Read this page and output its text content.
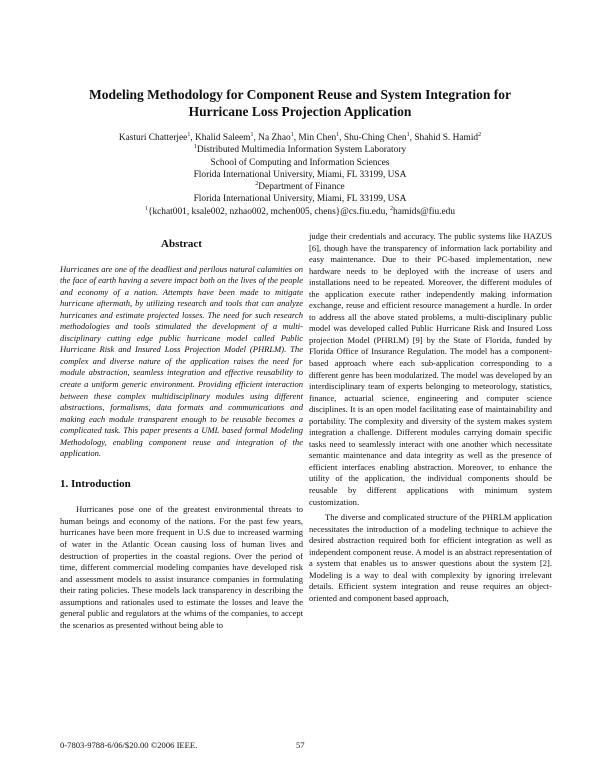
Modeling Methodology for Component Reuse and System Integration for
Hurricane Loss Projection Application
Kasturi Chatterjee$^1$, Khalid Saleem$^1$, Na Zhao$^1$, Min Chen$^1$, Shu-Ching Chen$^1$, Shahid S. Hamid$^2$
$^1$Distributed Multimedia Information System Laboratory
School of Computing and Information Sciences
Florida International University, Miami, FL 33199, USA
$^2$Department of Finance
Florida International University, Miami, FL 33199, USA
$^1${kchat001, ksale002, nzhao002, mchen005, chens}@cs.fiu.edu, $^2$hamids@fiu.edu
Abstract

Hurricanes are one of the deadliest and perilous natural calamities on the face of earth having a severe impact both on the lives of the people and economy of a nation. Attempts have been made to mitigate hurricane aftermath, by utilizing research and tools that can analyze hurricanes and estimate projected losses. The need for such research methodologies and tools stimulated the development of a multi-disciplinary cutting edge public hurricane model called Public Hurricane Risk and Insured Loss Projection Model (PHRLM). The complex and diverse nature of the application raises the need for module abstraction, seamless integration and effective reusability to create a uniform generic environment. Providing efficient interaction between these complex multidisciplinary modules using different abstractions, formalisms, data formats and communications and making each module transparent enough to be reusable becomes a complicated task. This paper presents a UML based formal Modeling Methodology, enabling component reuse and integration of the application.

1. Introduction

Hurricanes pose one of the greatest environmental threats to human beings and economy of the nations. For the past few years, hurricanes have been more frequent in U.S due to increased warming of water in the Atlantic Ocean causing loss of human lives and destruction of properties in the coastal regions. Over the period of time, different commercial modeling companies have developed risk and assessment models to assist insurance companies in formulating their rating policies. These models lack transparency in describing the assumptions and rationales used to estimate the losses and leave the general public and regulators at the whims of the companies, to accept the scenarios as presented without being able to

judge their credentials and accuracy. The public systems like HAZUS [6], though have the transparency of information lack portability and easy maintenance. Due to their PC-based implementation, new hardware needs to be deployed with the increase of users and installations need to be repeated. Moreover, the different modules of the application execute rather independently making information exchange, reuse and efficient resource management a hurdle. In order to address all the above stated problems, a multi-disciplinary public model was developed called Public Hurricane Risk and Insured Loss projection Model (PHRLM) [9] by the State of Florida, funded by Florida Office of Insurance Regulation. The model has a component-based approach where each sub-application corresponding to a different genre has been modularized. The model was developed by an interdisciplinary team of experts belonging to meteorology, statistics, finance, actuarial science, engineering and computer science disciplines. It is an open model facilitating ease of maintainability and portability. The complexity and diversity of the system makes system integration a challenge. Different modules carrying domain specific tasks need to seamlessly interact with one another which necessitate semantic maintenance and data integrity as well as the presence of efficient interfaces enabling abstraction. Moreover, to enhance the utility of the application, the individual components should be reusable by different applications with minimum system customization.

The diverse and complicated structure of the PHRLM application necessitates the introduction of a modeling technique to achieve the desired abstraction required both for efficient integration as well as independent component reuse. A model is an abstract representation of a system that enables us to answer questions about the system [2]. Modeling is a way to deal with complexity by ignoring irrelevant details. Efficient system integration and reuse requires an object-oriented and component based approach,

0-7803-9788-6/06/$20.00 ©2006 IEEE.	57
